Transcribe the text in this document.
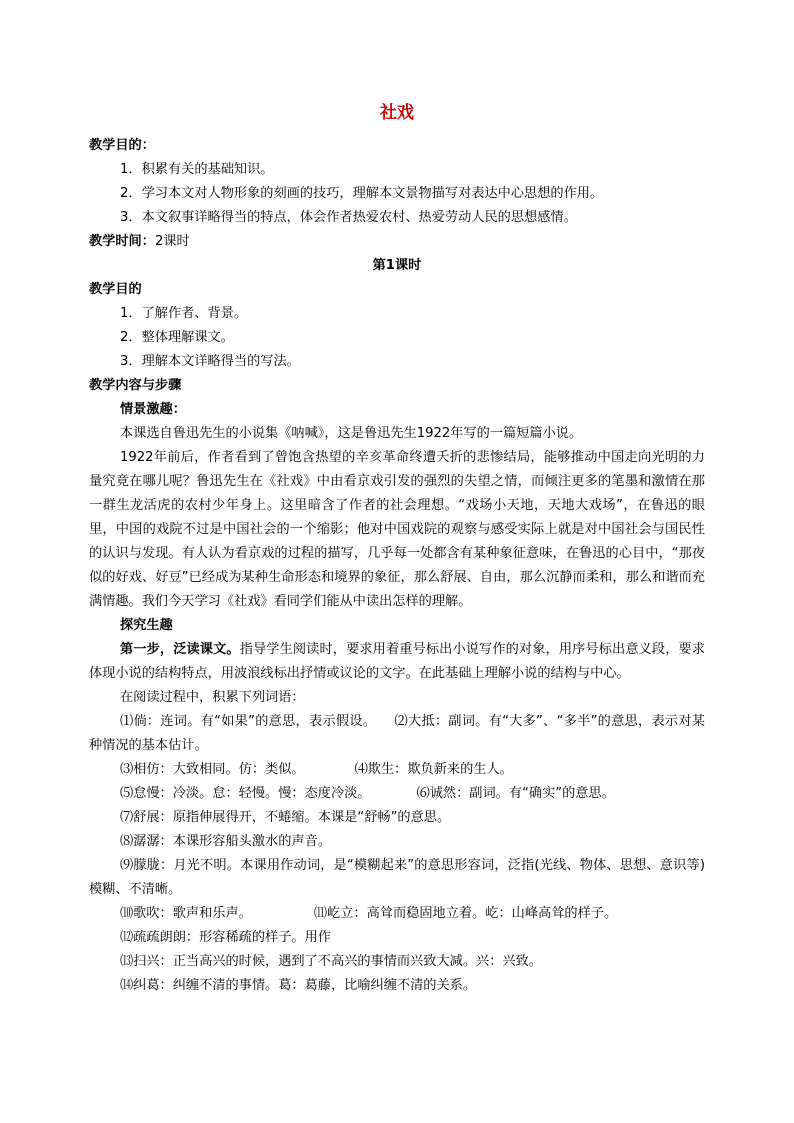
社戏
教学目的：
1．积累有关的基础知识。
2．学习本文对人物形象的刻画的技巧，理解本文景物描写对表达中心思想的作用。
3．本文叙事详略得当的特点，体会作者热爱农村、热爱劳动人民的思想感情。
教学时间：2课时
第1课时
教学目的
1．了解作者、背景。
2．整体理解课文。
3．理解本文详略得当的写法。
教学内容与步骤
情景激趣：
本课选自鲁迅先生的小说集《呐喊》，这是鲁迅先生1922年写的一篇短篇小说。
1922年前后，作者看到了曾饱含热望的辛亥革命终遭夭折的悲惨结局，能够推动中国走向光明的力量究竟在哪儿呢？鲁迅先生在《社戏》中由看京戏引发的强烈的失望之情，而倾注更多的笔墨和激情在那一群生龙活虎的农村少年身上。这里暗含了作者的社会理想。“戏场小天地，天地大戏场”，在鲁迅的眼里，中国的戏院不过是中国社会的一个缩影；他对中国戏院的观察与感受实际上就是对中国社会与国民性的认识与发现。有人认为看京戏的过程的描写，几乎每一处都含有某种象征意味，在鲁迅的心目中，“那夜似的好戏、好豆”已经成为某种生命形态和境界的象征，那么舒展、自由，那么沉静而柔和，那么和谐而充满情趣。我们今天学习《社戏》看同学们能从中读出怎样的理解。
探究生趣
第一步，泛读课文。指导学生阅读时，要求用着重号标出小说写作的对象，用序号标出意义段，要求体现小说的结构特点，用波浪线标出抒情或议论的文字。在此基础上理解小说的结构与中心。
在阅读过程中，积累下列词语：
⑴倘：连词。有“如果”的意思，表示假设。 ⑵大抵：副词。有“大多”、“多半”的意思，表示对某种情况的基本估计。
⑶相仿：大致相同。仿：类似。	⑷欺生：欺负新来的生人。
⑸怠慢：冷淡。怠：轻慢。慢：态度冷淡。	⑹诚然：副词。有“确实”的意思。
⑺舒展：原指伸展得开，不蜷缩。本课是“舒畅”的意思。
⑻潺潺：本课形容船头激水的声音。
⑼朦胧：月光不明。本课用作动词，是“模糊起来”的意思形容词，泛指(光线、物体、思想、意识等)模糊、不清晰。
⑽歌吹：歌声和乐声。	⑾屹立：高耸而稳固地立着。屹：山峰高耸的样子。
⑿疏疏朗朗：形容稀疏的样子。用作
⒀扫兴：正当高兴的时候，遇到了不高兴的事情而兴致大减。兴：兴致。
⒁纠葛：纠缠不清的事情。葛：葛藤，比喻纠缠不清的关系。
